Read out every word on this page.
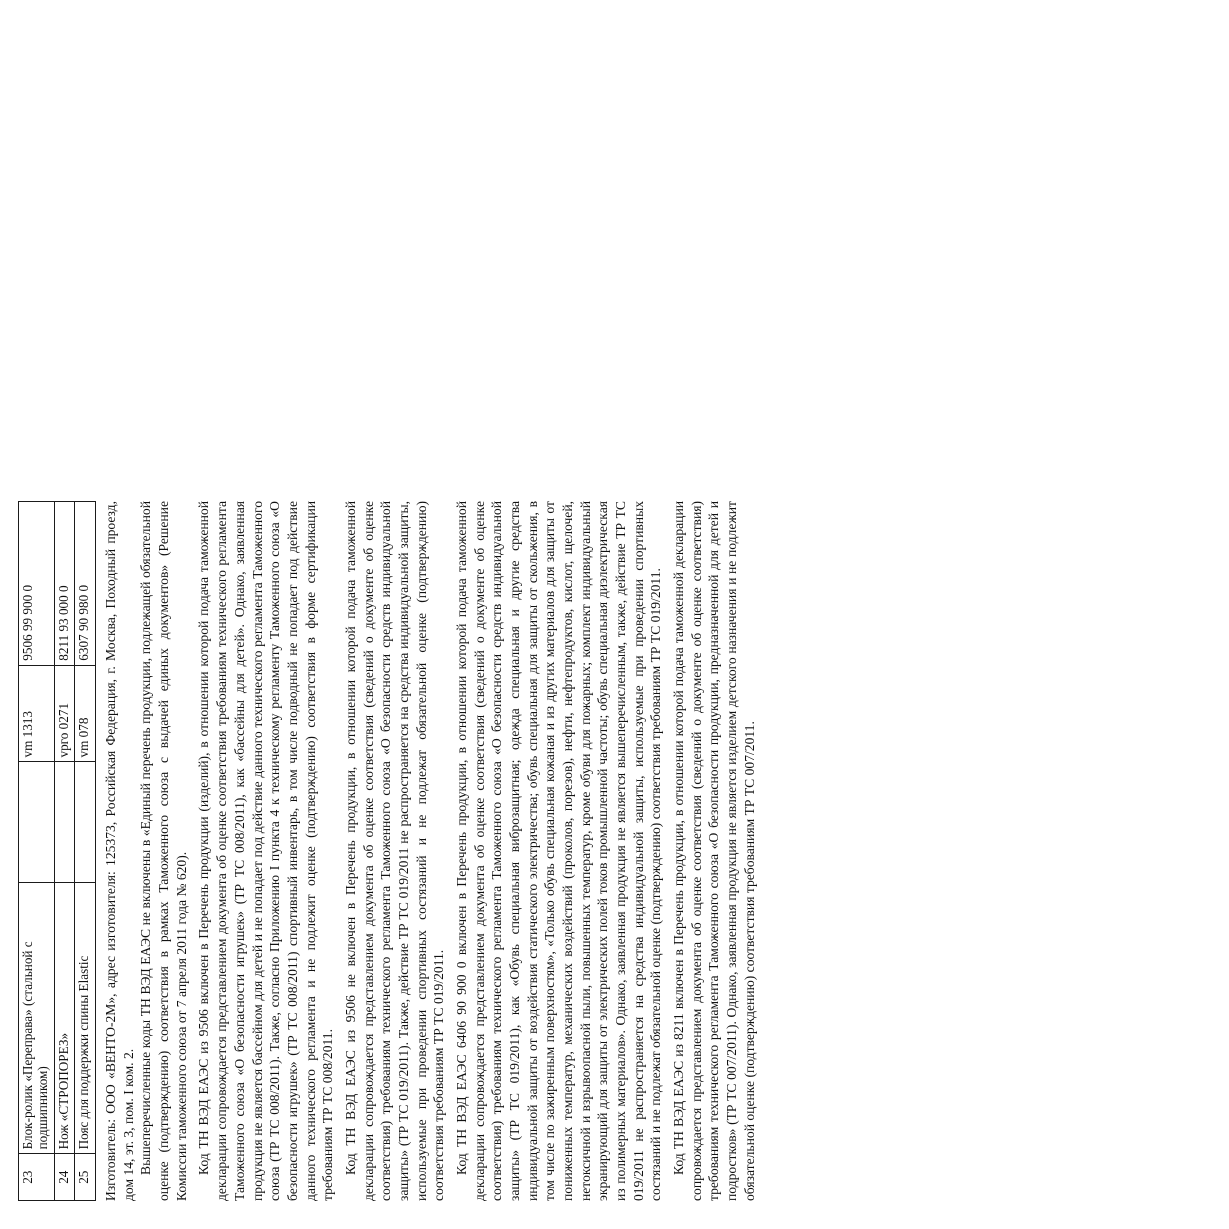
23	Блок-ролик «Переправа» (стальной с подшипником)		vm 1313	9506 99 900 0
24	Нож «СТРОПОРЕЗ»		vрго 0271	8211 93 000 0
25	Пояс для поддержки спины Elastic		vm 078	6307 90 980 0 Изготовитель: ООО «ВЕНТО-2М», адрес изготовителя: 125373, Российская Федерация, г. Москва, Походный проезд, дом 14, эт. 3, пом. I ком. 2. Вышеперечисленные коды ТН ВЭД ЕАЭС не включены в «Единый перечень продукции, подлежащей обязательной оценке (подтверждению) соответствия в рамках Таможенного союза с выдачей единых документов» (Решение Комиссии таможенного союза от 7 апреля 2011 года № 620). Код ТН ВЭД ЕАЭС из 9506 включен в Перечень продукции (изделий), в отношении которой подача таможенной декларации сопровождается представлением документа об оценке соответствия требованиям технического регламента Таможенного союза «О безопасности игрушек» (ТР ТС 008/2011), как «бассейны для детей». Однако, заявленная продукция не является бассейном для детей и не попадает под действие данного технического регламента Таможенного союза (ТР ТС 008/2011). Также, согласно Приложению I пункта 4 к техническому регламенту Таможенного союза «О безопасности игрушек» (ТР ТС 008/2011) спортивный инвентарь, в том числе подводный не попадает под действие данного технического регламента и не подлежит оценке (подтверждению) соответствия в форме сертификации требованиям ТР ТС 008/2011. Код ТН ВЭД ЕАЭС из 9506 не включен в Перечень продукции, в отношении которой подача таможенной декларации сопровождается представлением документа об оценке соответствия (сведений о документе об оценке соответствия) требованиям технического регламента Таможенного союза «О безопасности средств индивидуальной защиты» (ТР ТС 019/2011). Также, действие ТР ТС 019/2011 не распространяется на средства индивидуальной защиты, используемые при проведении спортивных состязаний и не подлежат обязательной оценке (подтверждению) соответствия требованиям ТР ТС 019/2011. Код ТН ВЭД ЕАЭС 6406 90 900 0 включен в Перечень продукции, в отношении которой подача таможенной декларации сопровождается представлением документа об оценке соответствия (сведений о документе об оценке соответствия) требованиям технического регламента Таможенного союза «О безопасности средств индивидуальной защиты» (ТР ТС 019/2011), как «Обувь специальная виброзащитная; одежда специальная и другие средства индивидуальной защиты от воздействия статического электричества; обувь специальная для защиты от скольжения, в том числе по зажиренным поверхностям», «Только обувь специальная кожаная и из других материалов для защиты от пониженных температур, механических воздействий (проколов, порезов), нефти, нефтепродуктов, кислот, щелочей, нетоксичной и взрывоопасной пыли, повышенных температур, кроме обуви для пожарных; комплект индивидуальный экранирующий для защиты от электрических полей токов промышленной частоты; обувь специальная диэлектрическая из полимерных материалов». Однако, заявленная продукция не является вышеперечисленным, также, действие ТР ТС 019/2011 не распространяется на средства индивидуальной защиты, используемые при проведении спортивных состязаний и не подлежат обязательной оценке (подтверждению) соответствия требованиям ТР ТС 019/2011. Код ТН ВЭД ЕАЭС из 8211 включен в Перечень продукции, в отношении которой подача таможенной декларации сопровождается представлением документа об оценке соответствия (сведений о документе об оценке соответствия) требованиям технического регламента Таможенного союза «О безопасности продукции, предназначенной для детей и подростков» (ТР ТС 007/2011). Однако, заявленная продукция не является изделием детского назначения и не подлежит обязательной оценке (подтверждению) соответствия требованиям ТР ТС 007/2011.
